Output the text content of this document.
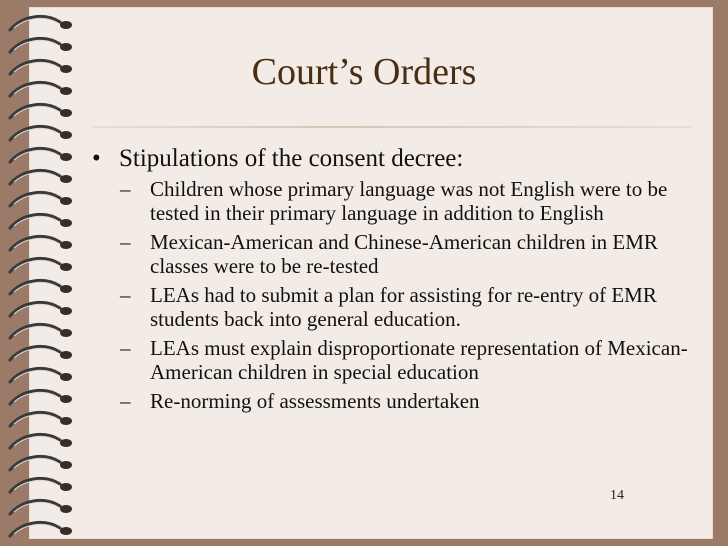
Court’s Orders
• Stipulations of the consent decree:
– Children whose primary language was not English were to be tested in their primary language in addition to English
– Mexican-American and Chinese-American children in EMR classes were to be re-tested
– LEAs had to submit a plan for assisting for re-entry of EMR students back into general education.
– LEAs must explain disproportionate representation of Mexican-American children in special education
– Re-norming of assessments undertaken
14
